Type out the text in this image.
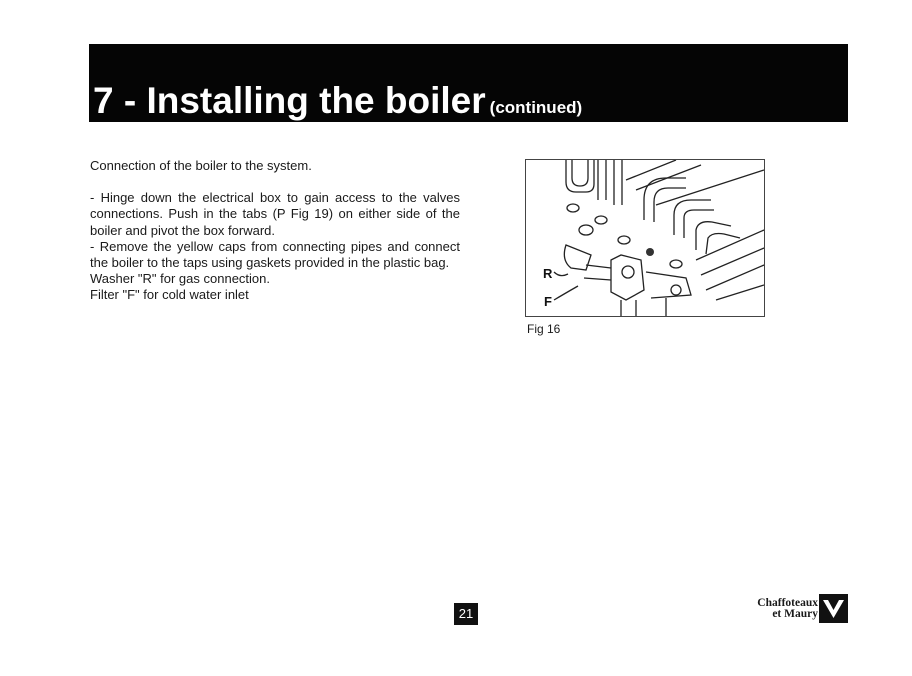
7 - Installing the boiler (continued)

Connection of the boiler to the system.

- Hinge down the electrical box to gain access to the valves connections. Push in the tabs (P Fig 19) on either side of the boiler and pivot the box forward.

- Remove the yellow caps from connecting pipes and connect the boiler to the taps using gaskets provided in the plastic bag.

Washer "R" for gas connection.

Filter "F" for cold water inlet

R
F
Fig 16
21
Chaffoteaux
et Maury
